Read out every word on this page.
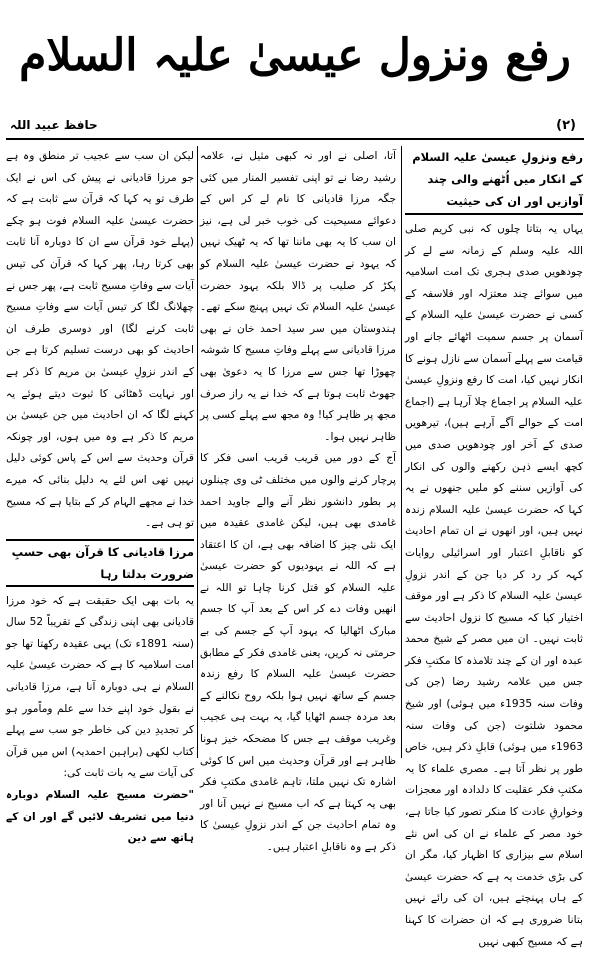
رفع ونزول عیسیٰ علیہ السلام
(۲)
حافظ عبید اللہ
رفع ونزولِ عیسیٰ علیہ السلام کے انکار میں اُٹھنے والی چند آوازیں اور ان کی حیثیت

یہاں یہ بتاتا چلوں کہ نبی کریم صلی اللہ علیہ وسلم کے زمانہ سے لے کر چودھویں صدی ہجری تک امت اسلامیہ میں سوائے چند معتزلہ اور فلاسفہ کے کسی نے حضرت عیسیٰ علیہ السلام کے آسمان پر جسم سمیت اٹھائے جانے اور قیامت سے پہلے آسمان سے نازل ہونے کا انکار نہیں کیا، امت کا رفع ونزولِ عیسیٰ علیہ السلام پر اجماع چلا آرہا ہے (اجماع امت کے حوالے آگے آرہے ہیں)، تیرھویں صدی کے آخر اور چودھویں صدی میں کچھ ایسے ذہن رکھنے والوں کی انکار کی آوازیں سننے کو ملیں جنھوں نے یہ کہا کہ حضرت عیسیٰ علیہ السلام زندہ نہیں ہیں، اور انھوں نے ان تمام احادیث کو ناقابلِ اعتبار اور اسرائیلی روایات کہہ کر رد کر دیا جن کے اندر نزولِ عیسیٰ علیہ السلام کا ذکر ہے اور موقف اختیار کیا کہ مسیح کا نزول احادیث سے ثابت نہیں۔ ان میں مصر کے شیخ محمد عبدہ اور ان کے چند تلامذہ کا مکتبِ فکر جس میں علامہ رشید رضا (جن کی وفات سنہ 1935ء میں ہوئی) اور شیخ محمود شلتوت (جن کی وفات سنہ 1963ء میں ہوئی) قابلِ ذکر ہیں، خاص طور پر نظر آتا ہے۔ مصری علماء کا یہ مکتبِ فکر عقلیت کا دلدادہ اور معجزات وخوارقِ عادت کا منکر تصور کیا جاتا ہے، خود مصر کے علماء نے ان کی اس نئے اسلام سے بیزاری کا اظہار کیا، مگر ان کی بڑی خدمت یہ ہے کہ حضرت عیسیٰ کے ہاں پہنچتے ہیں، ان کی رائے نہیں بتانا ضروری ہے کہ ان حضرات کا کہنا ہے کہ مسیح کبھی نہیں

آتا، اصلی نے اور نہ کبھی مثیل نے، علامہ رشید رضا نے تو اپنی تفسیر المنار میں کئی جگہ مرزا قادیانی کا نام لے کر اس کے دعوائے مسیحیت کی خوب خبر لی ہے، نیز ان سب کا یہ بھی ماننا تھا کہ یہ ٹھیک نہیں کہ یہود نے حضرت عیسیٰ علیہ السلام کو پکڑ کر صلیب پر ڈالا بلکہ یہود حضرت عیسیٰ علیہ السلام تک نہیں پہنچ سکے تھے۔ ہندوستان میں سر سید احمد خان نے بھی مرزا قادیانی سے پہلے وفاتِ مسیح کا شوشہ چھوڑا تھا جس سے مرزا کا یہ دعویٰ بھی جھوٹ ثابت ہوتا ہے کہ خدا نے یہ راز صرف مجھ پر ظاہر کیا! وہ مجھ سے پہلے کسی پر ظاہر نہیں ہوا۔

آج کے دور میں قریب قریب اسی فکر کا پرچار کرنے والوں میں مختلف ٹی وی چینلوں پر بطور دانشور نظر آنے والے جاوید احمد غامدی بھی ہیں، لیکن غامدی عقیدہ میں ایک نئی چیز کا اضافہ بھی ہے، ان کا اعتقاد ہے کہ اللہ نے یہودیوں کو حضرت عیسیٰ علیہ السلام کو قتل کرنا چاہا تو اللہ نے انھیں وفات دے کر اس کے بعد آپ کا جسم مبارک اٹھالیا کہ یہود آپ کے جسم کی بے حرمتی نہ کریں، یعنی غامدی فکر کے مطابق حضرت عیسیٰ علیہ السلام کا رفع زندہ جسم کے ساتھ نہیں ہوا بلکہ روح نکالنے کے بعد مردہ جسم اٹھایا گیا، یہ بہت ہی عجیب وغریب موقف ہے جس کا مضحکہ خیز ہونا ظاہر ہے اور قرآن وحدیث میں اس کا کوئی اشارہ تک نہیں ملتا، تاہم غامدی مکتبِ فکر بھی یہ کہتا ہے کہ اب مسیح نے نہیں آنا اور وہ تمام احادیث جن کے اندر نزولِ عیسیٰ کا ذکر ہے وہ ناقابلِ اعتبار ہیں۔

لیکن ان سب سے عجیب تر منطق وہ ہے جو مرزا قادیانی نے پیش کی اس نے ایک طرف تو یہ کہا کہ قرآن سے ثابت ہے کہ حضرت عیسیٰ علیہ السلام فوت ہو چکے (پہلے خود قرآن سے ان کا دوبارہ آنا ثابت بھی کرتا رہا، پھر کہا کہ قرآن کی تیس آیات سے وفاتِ مسیح ثابت ہے، پھر جس نے چھلانگ لگا کر تیس آیات سے وفاتِ مسیح ثابت کرنے لگا) اور دوسری طرف ان احادیث کو بھی درست تسلیم کرتا ہے جن کے اندر نزولِ عیسیٰ بن مریم کا ذکر ہے اور نہایت ڈھٹائی کا ثبوت دیتے ہوئے یہ کہنے لگا کہ ان احادیث میں جن عیسیٰ بن مریم کا ذکر ہے وہ میں ہوں، اور چونکہ قرآن وحدیث سے اس کے پاس کوئی دلیل نہیں تھی اس لئے یہ دلیل بنائی کہ میرے خدا نے مجھے الہام کر کے بتایا ہے کہ مسیح تو ہی ہے۔

مرزا قادیانی کا قرآن بھی حسبِ ضرورت بدلتا رہا

یہ بات بھی ایک حقیقت ہے کہ خود مرزا قادیانی بھی اپنی زندگی کے تقریباً 52 سال (سنہ 1891ء تک) یہی عقیدہ رکھتا تھا جو امت اسلامیہ کا ہے کہ حضرت عیسیٰ علیہ السلام نے ہی دوبارہ آنا ہے، مرزا قادیانی نے بقول خود اپنے خدا سے علم وماًمور ہو کر تجدیدِ دین کی خاطر جو سب سے پہلے کتاب لکھی (براہین احمدیہ) اس میں قرآن کی آیات سے یہ بات ثابت کی:

"حضرت مسیح علیہ السلام دوبارہ دنیا میں تشریف لائیں گے اور ان کے ہاتھ سے دین
